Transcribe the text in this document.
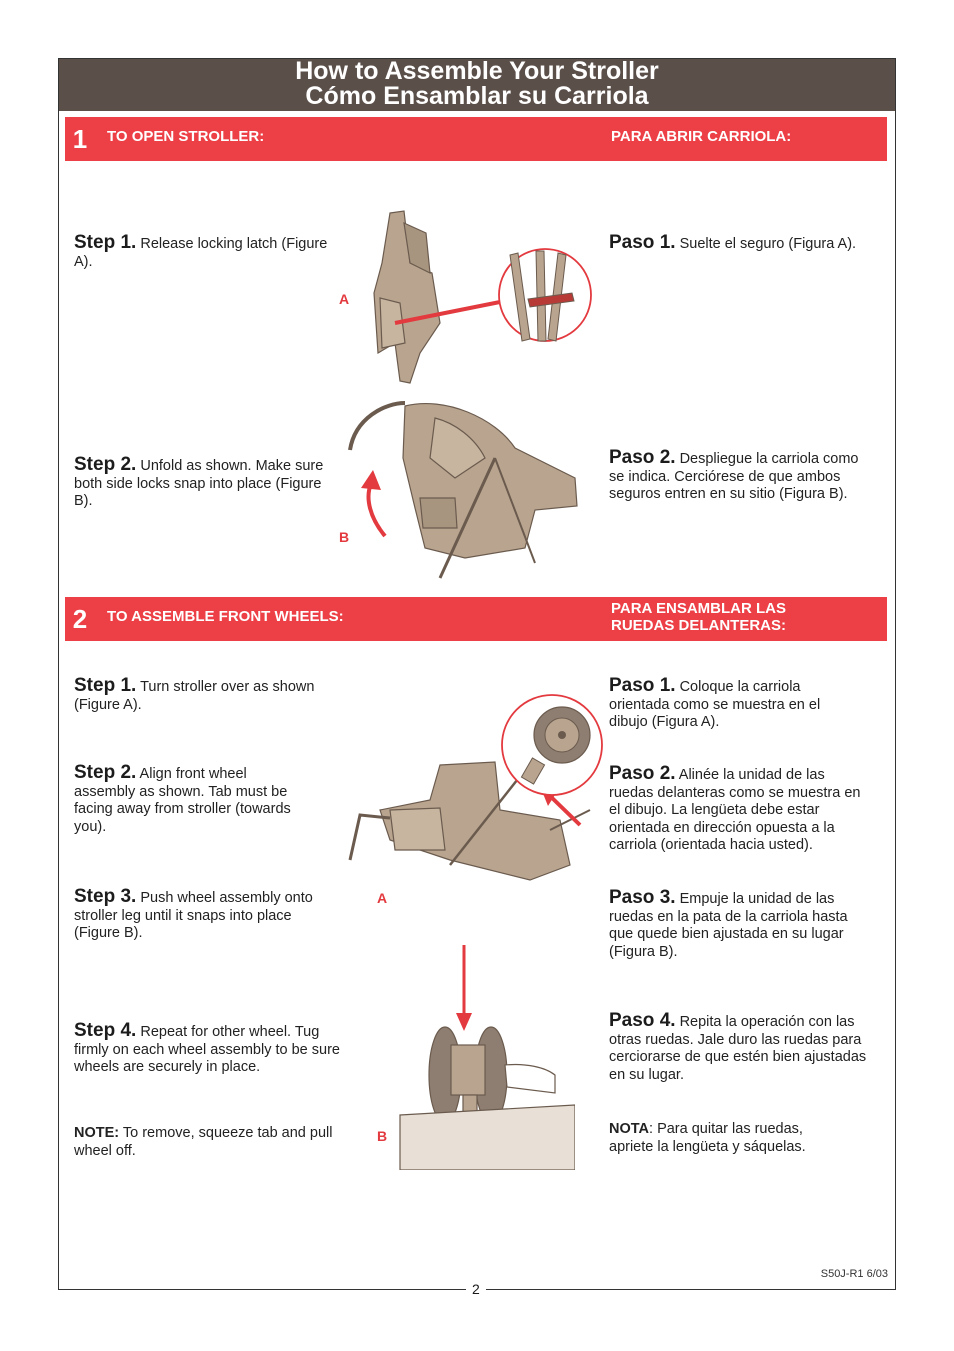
How to Assemble Your Stroller
Cómo Ensamblar su Carriola
1	TO OPEN STROLLER:	PARA ABRIR CARRIOLA:
Step 1. Release locking latch (Figure A).
Step 2. Unfold as shown. Make sure both side locks snap into place (Figure B).
Paso 1. Suelte el seguro (Figura A).
Paso 2. Despliegue la carriola como se indica. Cerciórese de que ambos seguros entren en su sitio (Figura B).
A
B
2	TO ASSEMBLE FRONT WHEELS:	PARA ENSAMBLAR LAS
RUEDAS DELANTERAS:
Step 1. Turn stroller over as shown (Figure A).
Step 2. Align front wheel assembly as shown. Tab must be facing away from stroller (towards you).
Step 3. Push wheel assembly onto stroller leg until it snaps into place (Figure B).
Step 4. Repeat for other wheel. Tug firmly on each wheel assembly to be sure wheels are securely in place.
NOTE: To remove, squeeze tab and pull wheel off.
Paso 1. Coloque la carriola orientada como se muestra en el dibujo (Figura A).
Paso 2. Alinée la unidad de las ruedas delanteras como se muestra en el dibujo. La lengüeta debe estar orientada en dirección opuesta a la carriola (orientada hacia usted).
Paso 3. Empuje la unidad de las ruedas en la pata de la carriola hasta que quede bien ajustada en su lugar (Figura B).
Paso 4. Repita la operación con las otras ruedas. Jale duro las ruedas para cerciorarse de que estén bien ajustadas en su lugar.
NOTA: Para quitar las ruedas, apriete la lengüeta y sáquelas.
A
B
S50J-R1 6/03
2
